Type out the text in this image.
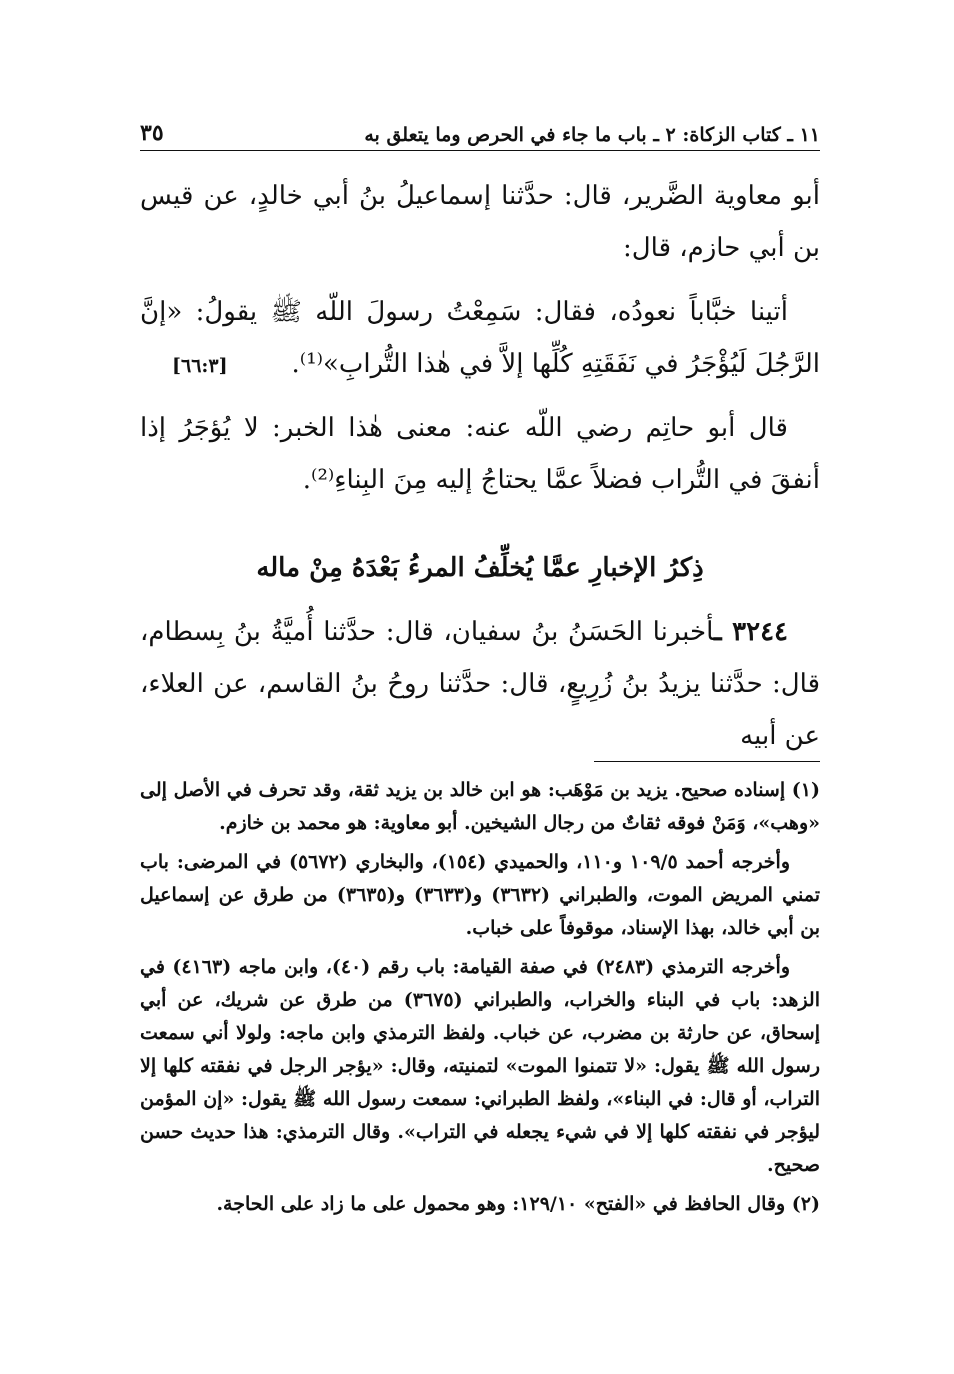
١١ ـ كتاب الزكاة: ٢ ـ باب ما جاء في الحرص وما يتعلق به
٣٥

أبو معاوية الضَّرير، قال: حدَّثنا إسماعيلُ بنُ أبي خالدٍ، عن قيس بن أبي حازم، قال:

أتينا خبَّاباً نعودُه، فقال: سَمِعْتُ رسولَ اللّه ﷺ يقولُ: «إنَّ الرَّجُلَ لَيُؤْجَرُ في نَفَقَتِهِ كُلِّها إلاَّ في هٰذا التُّرابِ»⁽¹⁾.
[٦٦:٣]

قال أبو حاتِم رضي اللّه عنه: معنى هٰذا الخبر: لا يُؤجَرُ إذا أنفقَ في التُّراب فضلاً عمَّا يحتاجُ إليه مِنَ البِناءِ⁽²⁾.

ذِكرُ الإخبارِ عمَّا يُخلِّفُ المرءُ بَعْدَهُ مِنْ ماله

٣٢٤٤ ـأخبرنا الحَسَنُ بنُ سفيان، قال: حدَّثنا أُميَّةُ بنُ بِسطام، قال: حدَّثنا يزيدُ بنُ زُرِيعٍ، قال: حدَّثنا روحُ بنُ القاسم، عن العلاء، عن أبيه

(١) إسناده صحيح. يزيد بن مَوْهَب: هو ابن خالد بن يزيد ثقة، وقد تحرف في الأصل إلى «وهب»، وَمَنْ فوقه ثقاتٌ من رجال الشيخين. أبو معاوية: هو محمد بن خازم.

وأخرجه أحمد ١٠٩/٥ و١١٠، والحميدي (١٥٤)، والبخاري (٥٦٧٢) في المرضى: باب تمني المريض الموت، والطبراني (٣٦٣٢) و(٣٦٣٣) و(٣٦٣٥) من طرق عن إسماعيل بن أبي خالد، بهذا الإسناد، موقوفاً على خباب.

وأخرجه الترمذي (٢٤٨٣) في صفة القيامة: باب رقم (٤٠)، وابن ماجه (٤١٦٣) في الزهد: باب في البناء والخراب، والطبراني (٣٦٧٥) من طرق عن شريك، عن أبي إسحاق، عن حارثة بن مضرب، عن خباب. ولفظ الترمذي وابن ماجه: ولولا أني سمعت رسول الله ﷺ يقول: «لا تتمنوا الموت» لتمنيته، وقال: «يؤجر الرجل في نفقته كلها إلا التراب، أو قال: في البناء»، ولفظ الطبراني: سمعت رسول الله ﷺ يقول: «إن المؤمن ليؤجر في نفقته كلها إلا في شيء يجعله في التراب». وقال الترمذي: هذا حديث حسن صحيح.

(٢) وقال الحافظ في «الفتح» ١٢٩/١٠: وهو محمول على ما زاد على الحاجة.
